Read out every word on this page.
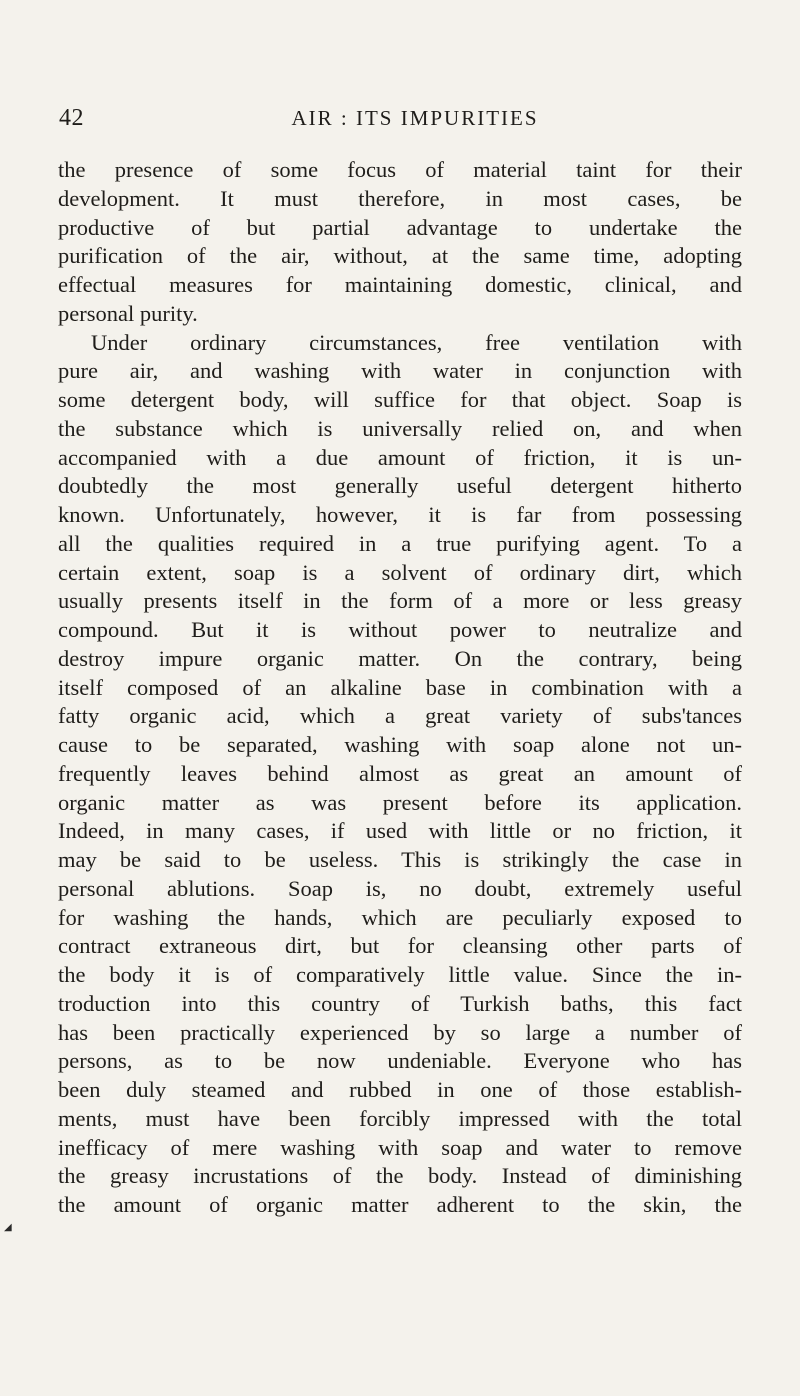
42	AIR : ITS IMPURITIES
the presence of some focus of material taint for their
development. It must therefore, in most cases, be
productive of but partial advantage to undertake the
purification of the air, without, at the same time, adopting
effectual measures for maintaining domestic, clinical, and
personal purity.
Under ordinary circumstances, free ventilation with
pure air, and washing with water in conjunction with
some detergent body, will suffice for that object. Soap is
the substance which is universally relied on, and when
accompanied with a due amount of friction, it is un-
doubtedly the most generally useful detergent hitherto
known. Unfortunately, however, it is far from possessing
all the qualities required in a true purifying agent. To a
certain extent, soap is a solvent of ordinary dirt, which
usually presents itself in the form of a more or less greasy
compound. But it is without power to neutralize and
destroy impure organic matter. On the contrary, being
itself composed of an alkaline base in combination with a
fatty organic acid, which a great variety of subs'tances
cause to be separated, washing with soap alone not un-
frequently leaves behind almost as great an amount of
organic matter as was present before its application.
Indeed, in many cases, if used with little or no friction, it
may be said to be useless. This is strikingly the case in
personal ablutions. Soap is, no doubt, extremely useful
for washing the hands, which are peculiarly exposed to
contract extraneous dirt, but for cleansing other parts of
the body it is of comparatively little value. Since the in-
troduction into this country of Turkish baths, this fact
has been practically experienced by so large a number of
persons, as to be now undeniable. Everyone who has
been duly steamed and rubbed in one of those establish-
ments, must have been forcibly impressed with the total
inefficacy of mere washing with soap and water to remove
the greasy incrustations of the body. Instead of diminishing
the amount of organic matter adherent to the skin, the
◢
